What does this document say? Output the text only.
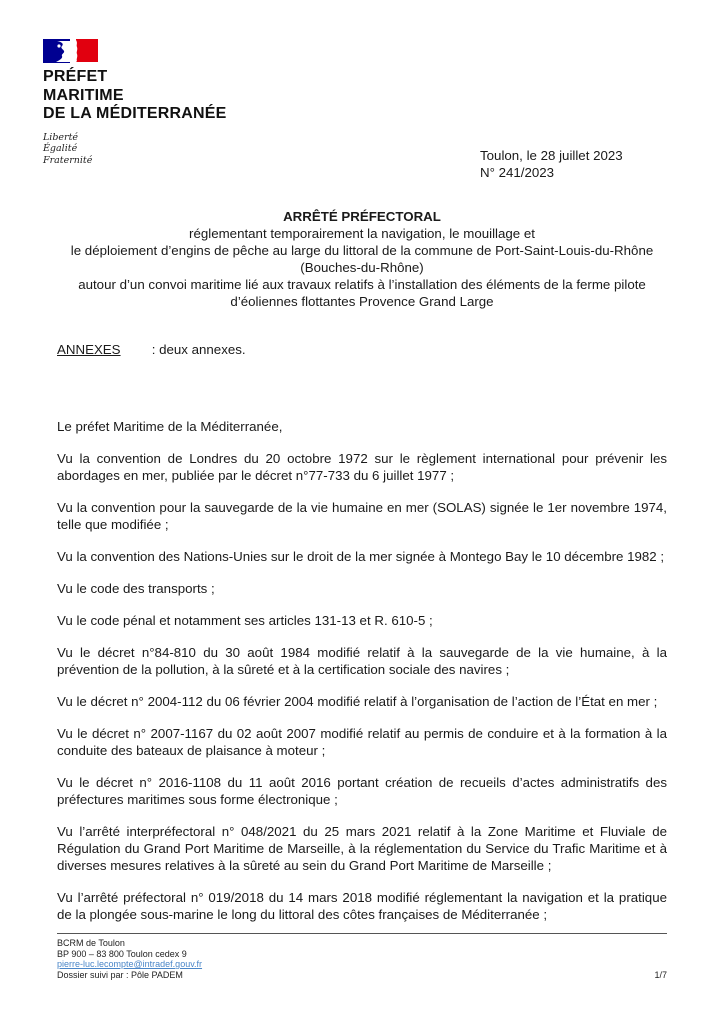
PRÉFET
MARITIME
DE LA MÉDITERRANÉE
Liberté
Égalité
Fraternité	Toulon, le 28 juillet 2023
N° 241/2023
ARRÊTÉ PRÉFECTORAL
réglementant temporairement la navigation, le mouillage et
le déploiement d’engins de pêche au large du littoral de la commune de Port-Saint-Louis-du-Rhône
(Bouches-du-Rhône)
autour d’un convoi maritime lié aux travaux relatifs à l’installation des éléments de la ferme pilote
d’éoliennes flottantes Provence Grand Large
ANNEXES : deux annexes.

Le préfet Maritime de la Méditerranée,

Vu la convention de Londres du 20 octobre 1972 sur le règlement international pour prévenir les abordages en mer, publiée par le décret n°77-733 du 6 juillet 1977 ;

Vu la convention pour la sauvegarde de la vie humaine en mer (SOLAS) signée le 1er novembre 1974, telle que modifiée ;

Vu la convention des Nations-Unies sur le droit de la mer signée à Montego Bay le 10 décembre 1982 ;

Vu le code des transports ;

Vu le code pénal et notamment ses articles 131-13 et R. 610-5 ;

Vu le décret n°84-810 du 30 août 1984 modifié relatif à la sauvegarde de la vie humaine, à la prévention de la pollution, à la sûreté et à la certification sociale des navires ;

Vu le décret n° 2004-112 du 06 février 2004 modifié relatif à l’organisation de l’action de l’État en mer ;

Vu le décret n° 2007-1167 du 02 août 2007 modifié relatif au permis de conduire et à la formation à la conduite des bateaux de plaisance à moteur ;

Vu le décret n° 2016-1108 du 11 août 2016 portant création de recueils d’actes administratifs des préfectures maritimes sous forme électronique ;

Vu l’arrêté interpréfectoral n° 048/2021 du 25 mars 2021 relatif à la Zone Maritime et Fluviale de Régulation du Grand Port Maritime de Marseille, à la réglementation du Service du Trafic Maritime et à diverses mesures relatives à la sûreté au sein du Grand Port Maritime de Marseille ;

Vu l’arrêté préfectoral n° 019/2018 du 14 mars 2018 modifié réglementant la navigation et la pratique de la plongée sous-marine le long du littoral des côtes françaises de Méditerranée ;

BCRM de Toulon
BP 900 – 83 800 Toulon cedex 9
pierre-luc.lecompte@intradef.gouv.fr
Dossier suivi par : Pôle PADEM	1/7
